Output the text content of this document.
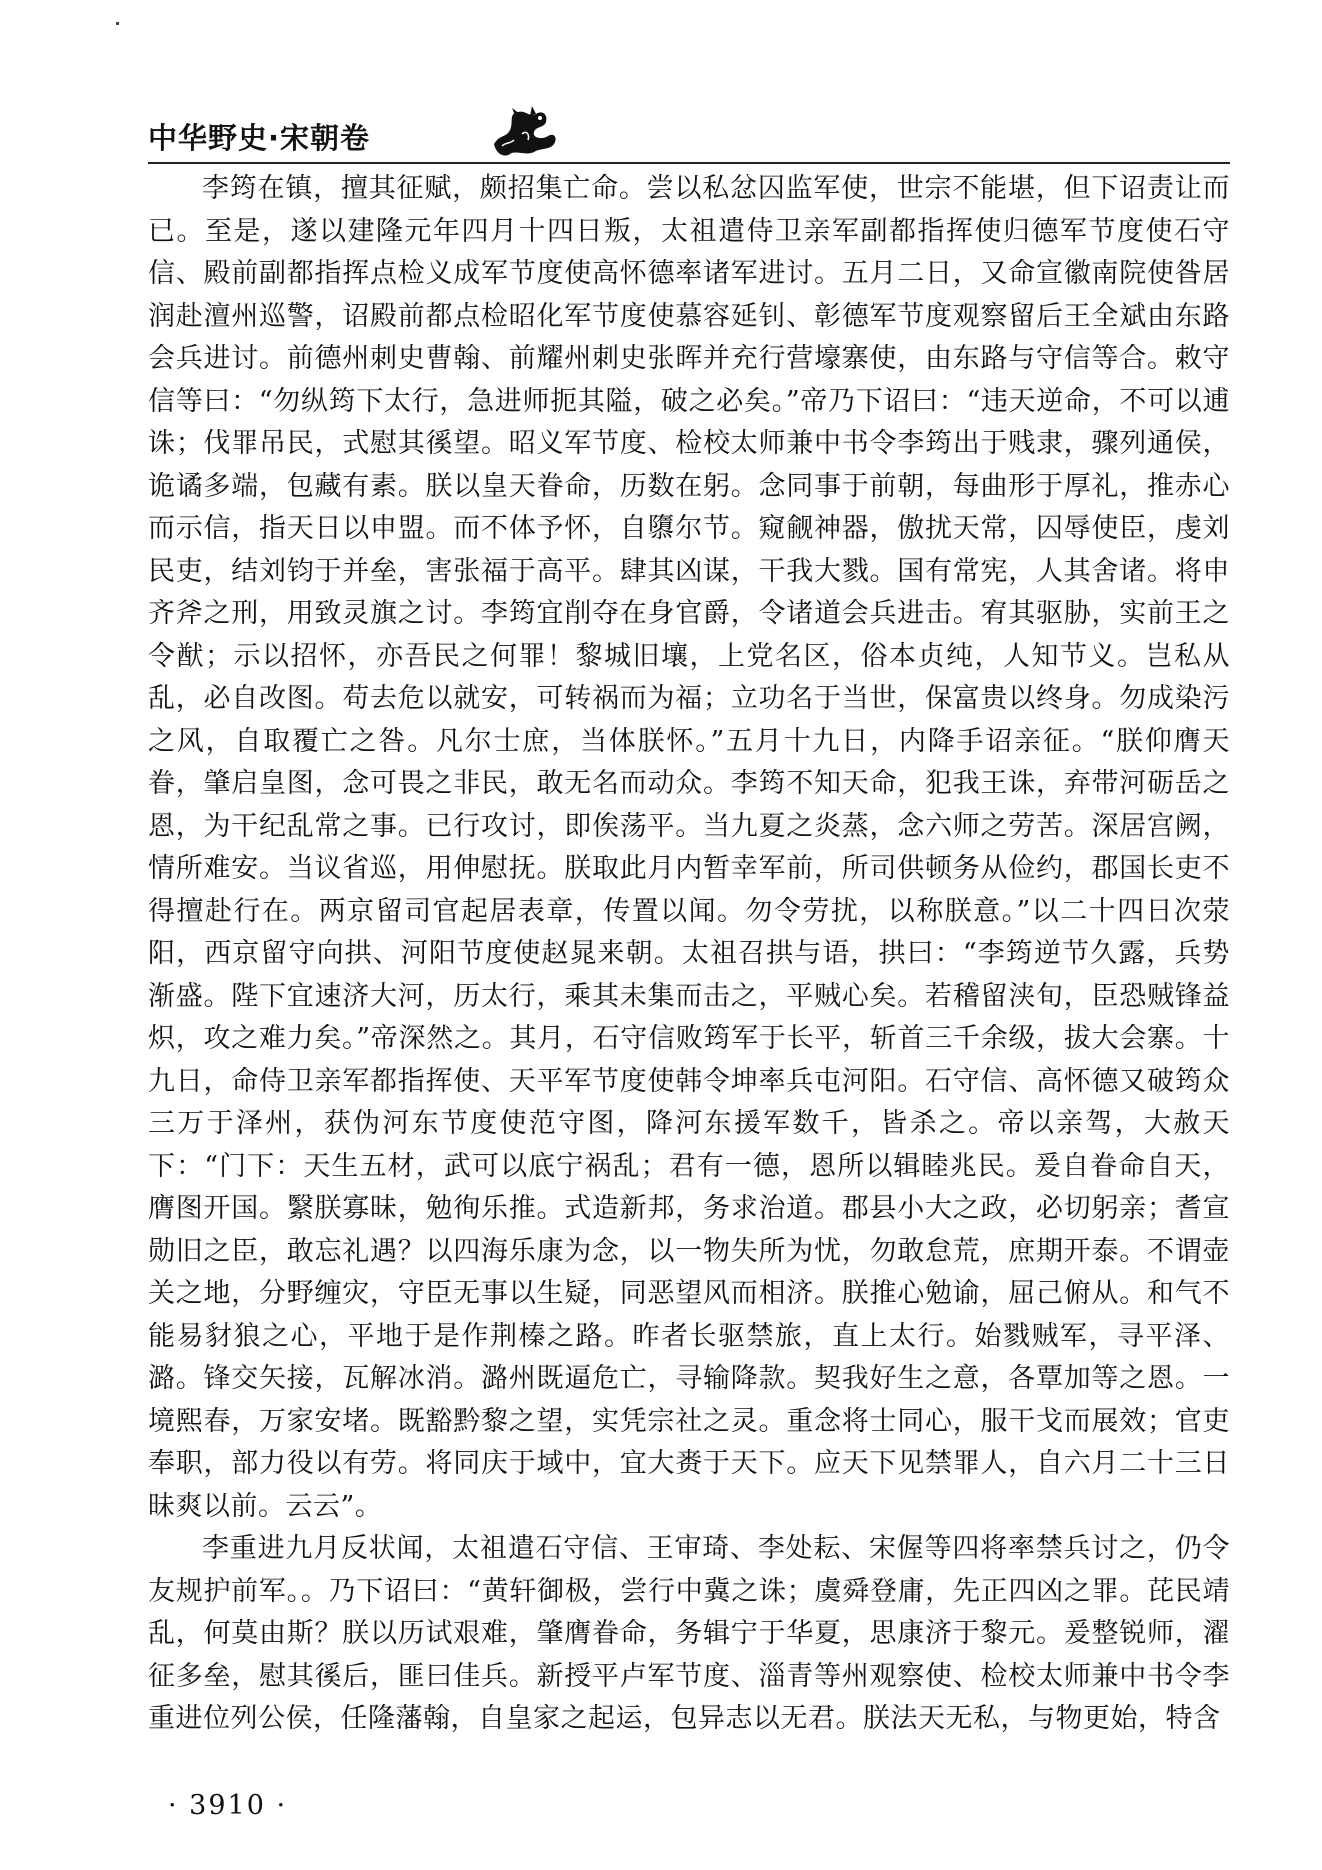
中华野史·宋朝卷

李筠在镇，擅其征赋，颇招集亡命。尝以私忿囚监军使，世宗不能堪，但下诏责让而已。至是，遂以建隆元年四月十四日叛，太祖遣侍卫亲军副都指挥使归德军节度使石守信、殿前副都指挥点检义成军节度使高怀德率诸军进讨。五月二日，又命宣徽南院使昝居润赴澶州巡警，诏殿前都点检昭化军节度使慕容延钊、彰德军节度观察留后王全斌由东路会兵进讨。前德州刺史曹翰、前耀州刺史张晖并充行营壕寨使，由东路与守信等合。敕守信等曰：“勿纵筠下太行，急进师扼其隘，破之必矣。”帝乃下诏曰：“违天逆命，不可以逋诛；伐罪吊民，式慰其徯望。昭义军节度、检校太师兼中书令李筠出于贱隶，骤列通侯，诡谲多端，包藏有素。朕以皇天眷命，历数在躬。念同事于前朝，每曲形于厚礼，推赤心而示信，指天日以申盟。而不体予怀，自隳尔节。窥觎神器，傲扰天常，囚辱使臣，虔刘民吏，结刘钧于并垒，害张福于高平。肆其凶谋，干我大戮。国有常宪，人其舍诸。将申齐斧之刑，用致灵旗之讨。李筠宜削夺在身官爵，令诸道会兵进击。宥其驱胁，实前王之令猷；示以招怀，亦吾民之何罪！黎城旧壤，上党名区，俗本贞纯，人知节义。岂私从乱，必自改图。苟去危以就安，可转祸而为福；立功名于当世，保富贵以终身。勿成染污之风，自取覆亡之咎。凡尔士庶，当体朕怀。”五月十九日，内降手诏亲征。“朕仰膺天眷，肇启皇图，念可畏之非民，敢无名而动众。李筠不知天命，犯我王诛，弃带河砺岳之恩，为干纪乱常之事。已行攻讨，即俟荡平。当九夏之炎蒸，念六师之劳苦。深居宫阙，情所难安。当议省巡，用伸慰抚。朕取此月内暂幸军前，所司供顿务从俭约，郡国长吏不得擅赴行在。两京留司官起居表章，传置以闻。勿令劳扰，以称朕意。”以二十四日次荥阳，西京留守向拱、河阳节度使赵晁来朝。太祖召拱与语，拱曰：“李筠逆节久露，兵势渐盛。陛下宜速济大河，历太行，乘其未集而击之，平贼心矣。若稽留浃旬，臣恐贼锋益炽，攻之难力矣。”帝深然之。其月，石守信败筠军于长平，斩首三千余级，拔大会寨。十九日，命侍卫亲军都指挥使、天平军节度使韩令坤率兵屯河阳。石守信、高怀德又破筠众三万于泽州，获伪河东节度使范守图，降河东援军数千，皆杀之。帝以亲驾，大赦天下：“门下：天生五材，武可以底宁祸乱；君有一德，恩所以辑睦兆民。爰自眷命自天，膺图开国。繄朕寡昧，勉徇乐推。式造新邦，务求治道。郡县小大之政，必切躬亲；耆宣勋旧之臣，敢忘礼遇？以四海乐康为念，以一物失所为忧，勿敢怠荒，庶期开泰。不谓壶关之地，分野缠灾，守臣无事以生疑，同恶望风而相济。朕推心勉谕，屈己俯从。和气不能易豺狼之心，平地于是作荆榛之路。昨者长驱禁旅，直上太行。始戮贼军，寻平泽、潞。锋交矢接，瓦解冰消。潞州既逼危亡，寻输降款。契我好生之意，各覃加等之恩。一境熙春，万家安堵。既豁黔黎之望，实凭宗社之灵。重念将士同心，服干戈而展效；官吏奉职，部力役以有劳。将同庆于域中，宜大赉于天下。应天下见禁罪人，自六月二十三日昧爽以前。云云”。

李重进九月反状闻，太祖遣石守信、王审琦、李处耘、宋偓等四将率禁兵讨之，仍令友规护前军。。乃下诏曰：“黄轩御极，尝行中冀之诛；虞舜登庸，先正四凶之罪。芘民靖乱，何莫由斯？朕以历试艰难，肇膺眷命，务辑宁于华夏，思康济于黎元。爰整锐师，濯征多垒，慰其徯后，匪曰佳兵。新授平卢军节度、淄青等州观察使、检校太师兼中书令李重进位列公侯，任隆藩翰，自皇家之起运，包异志以无君。朕法天无私，与物更始，特含

· 3910 ·
